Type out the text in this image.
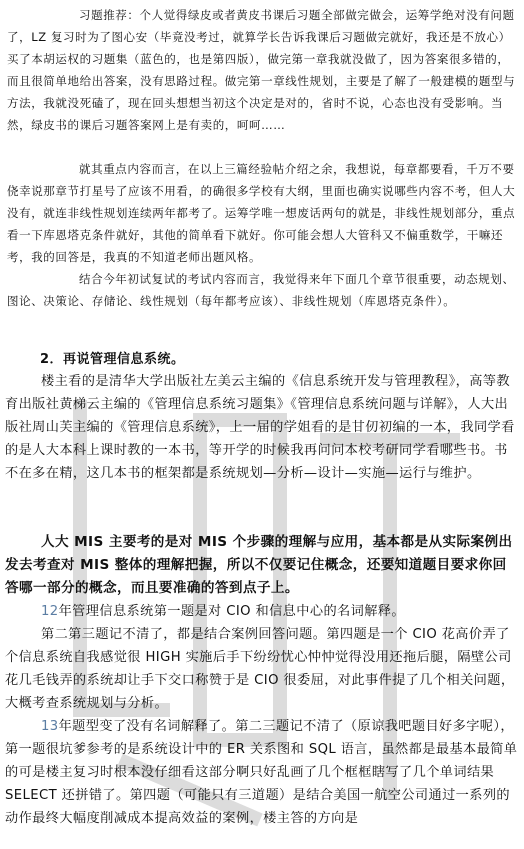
习题推荐：个人觉得绿皮或者黄皮书课后习题全部做完做会，运筹学绝对没有问题了，LZ 复习时为了图心安（毕竟没考过，就算学长告诉我课后习题做完就好，我还是不放心）买了本胡运权的习题集（蓝色的，也是第四版），做完第一章我就没做了，因为答案很多错的，而且很简单地给出答案，没有思路过程。做完第一章线性规划，主要是了解了一般建模的题型与方法，我就没死磕了，现在回头想想当初这个决定是对的，省时不说，心态也没有受影响。当然，绿皮书的课后习题答案网上是有卖的，呵呵……
就其重点内容而言，在以上三篇经验帖介绍之余，我想说，每章都要看，千万不要侥幸说那章节打星号了应该不用看，的确很多学校有大纲，里面也确实说哪些内容不考，但人大没有，就连非线性规划连续两年都考了。运筹学唯一想废话两句的就是，非线性规划部分，重点看一下库恩塔克条件就好，其他的简单看下就好。你可能会想人大管科又不偏重数学，干嘛还考，我的回答是，我真的不知道老师出题风格。
结合今年初试复试的考试内容而言，我觉得来年下面几个章节很重要，动态规划、图论、决策论、存储论、线性规划（每年都考应该）、非线性规划（库恩塔克条件）。
2．再说管理信息系统。
楼主看的是清华大学出版社左美云主编的《信息系统开发与管理教程》，高等教育出版社黄梯云主编的《管理信息系统习题集》《管理信息系统问题与详解》，人大出版社周山芙主编的《管理信息系统》，上一届的学姐看的是甘仞初编的一本，我同学看的是人大本科上课时教的一本书，等开学的时候我再问问本校考研同学看哪些书。书不在多在精，这几本书的框架都是系统规划—分析—设计—实施—运行与维护。
人大 MIS 主要考的是对 MIS 个步骤的理解与应用，基本都是从实际案例出发去考查对 MIS 整体的理解把握，所以不仅要记住概念，还要知道题目要求你回答哪一部分的概念，而且要准确的答到点子上。
12年管理信息系统第一题是对 CIO 和信息中心的名词解释。
第二第三题记不清了，都是结合案例回答问题。第四题是一个 CIO 花高价弄了个信息系统自我感觉很 HIGH 实施后手下纷纷忧心忡忡觉得没用还拖后腿，隔壁公司花几毛钱弄的系统却让手下交口称赞于是 CIO 很委屈，对此事件提了几个相关问题，大概考查系统规划与分析。
13年题型变了没有名词解释了。第二三题记不清了（原谅我吧题目好多字呢），第一题很坑爹参考的是系统设计中的 ER 关系图和 SQL 语言，虽然都是最基本最简单的可是楼主复习时根本没仔细看这部分啊只好乱画了几个框框瞎写了几个单词结果 SELECT 还拼错了。第四题（可能只有三道题）是结合美国一航空公司通过一系列的动作最终大幅度削减成本提高效益的案例，楼主答的方向是
